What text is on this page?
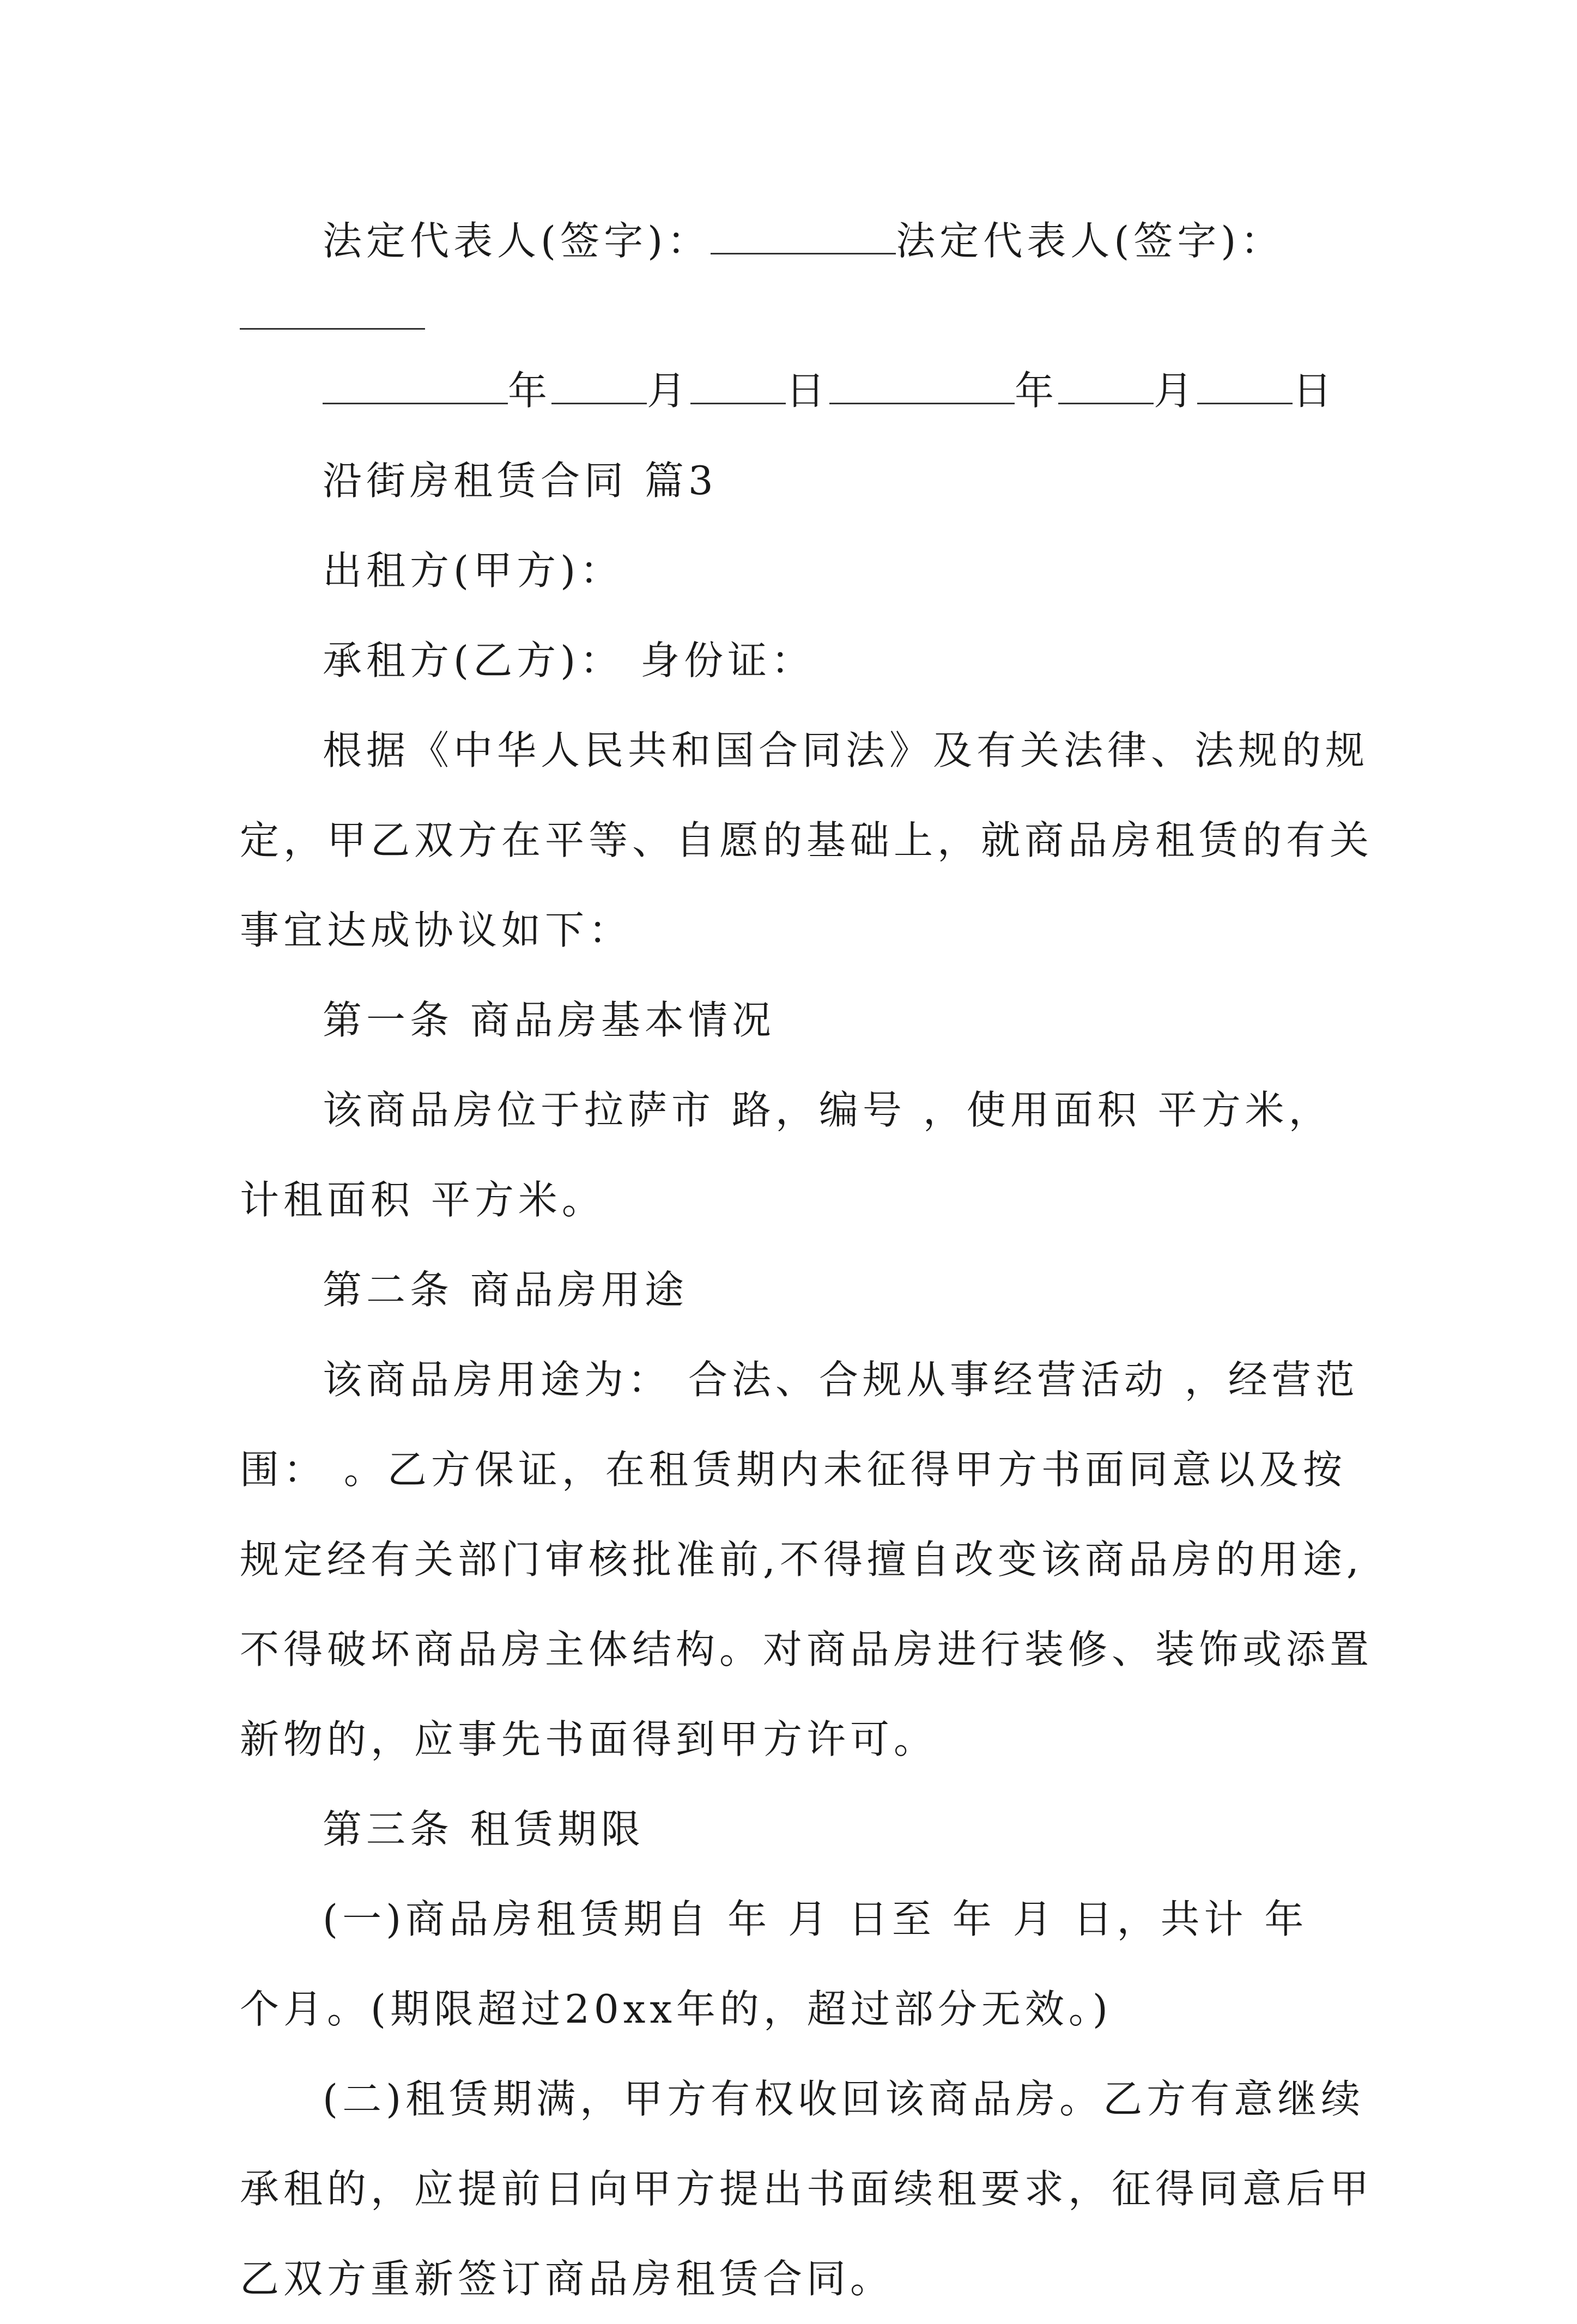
法定代表人(签字)：	法定代表人(签字)：
年 月 日	年 月 日
沿街房租赁合同 篇3
出租方(甲方)：
承租方(乙方)： 身份证：
根据《中华人民共和国合同法》及有关法律、法规的规
定，甲乙双方在平等、自愿的基础上，就商品房租赁的有关
事宜达成协议如下：
第一条 商品房基本情况
该商品房位于拉萨市 路，编号 ，使用面积 平方米，
计租面积 平方米。
第二条 商品房用途
该商品房用途为： 合法、合规从事经营活动 ，经营范
围： 。乙方保证，在租赁期内未征得甲方书面同意以及按
规定经有关部门审核批准前,不得擅自改变该商品房的用途,
不得破坏商品房主体结构。对商品房进行装修、装饰或添置
新物的，应事先书面得到甲方许可。
第三条 租赁期限
(一)商品房租赁期自 年 月 日至 年 月 日，共计 年
个月。(期限超过20xx年的，超过部分无效。)
(二)租赁期满，甲方有权收回该商品房。乙方有意继续
承租的，应提前日向甲方提出书面续租要求，征得同意后甲
乙双方重新签订商品房租赁合同。
